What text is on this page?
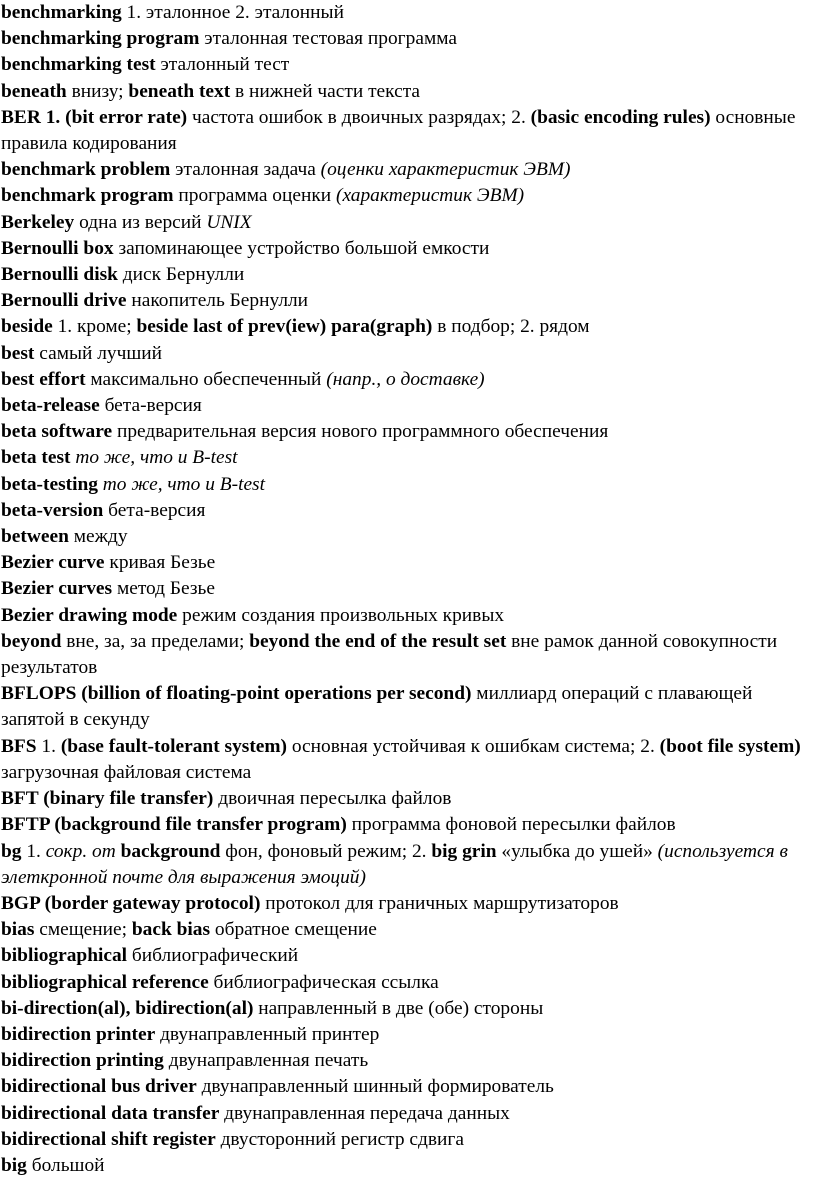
benchmarking 1. эталонное 2. эталонный
benchmarking program эталонная тестовая программа
benchmarking test эталонный тест
beneath внизу; beneath text в нижней части текста
BER 1. (bit error rate) частота ошибок в двоичных разрядах; 2. (basic encoding rules) основные правила кодирования
benchmark problem эталонная задача (оценки характеристик ЭВМ)
benchmark program программа оценки (характеристик ЭВМ)
Berkeley одна из версий UNIX
Bernoulli box запоминающее устройство большой емкости
Bernoulli disk диск Бернулли
Bernoulli drive накопитель Бернулли
beside 1. кроме; beside last of prev(iew) para(graph) в подбор; 2. рядом
best самый лучший
best effort максимально обеспеченный (напр., о доставке)
beta-release бета-версия
beta software предварительная версия нового программного обеспечения
beta test то же, что и B-test
beta-testing то же, что и B-test
beta-version бета-версия
between между
Bezier curve кривая Безье
Bezier curves метод Безье
Bezier drawing mode режим создания произвольных кривых
beyond вне, за, за пределами; beyond the end of the result set вне рамок данной совокупности результатов
BFLOPS (billion of floating-point operations per second) миллиард операций с плавающей запятой в секунду
BFS 1. (base fault-tolerant system) основная устойчивая к ошибкам система; 2. (boot file system) загрузочная файловая система
BFT (binary file transfer) двоичная пересылка файлов
BFTP (background file transfer program) программа фоновой пересылки файлов
bg 1. сокр. от background фон, фоновый режим; 2. big grin «улыбка до ушей» (используется в элеткронной почте для выражения эмоций)
BGP (border gateway protocol) протокол для граничных маршрутизаторов
bias смещение; back bias обратное смещение
bibliographical библиографический
bibliographical reference библиографическая ссылка
bi-direction(al), bidirection(al) направленный в две (обе) стороны
bidirection printer двунаправленный принтер
bidirection printing двунаправленная печать
bidirectional bus driver двунаправленный шинный формирователь
bidirectional data transfer двунаправленная передача данных
bidirectional shift register двусторонний регистр сдвига
big большой
